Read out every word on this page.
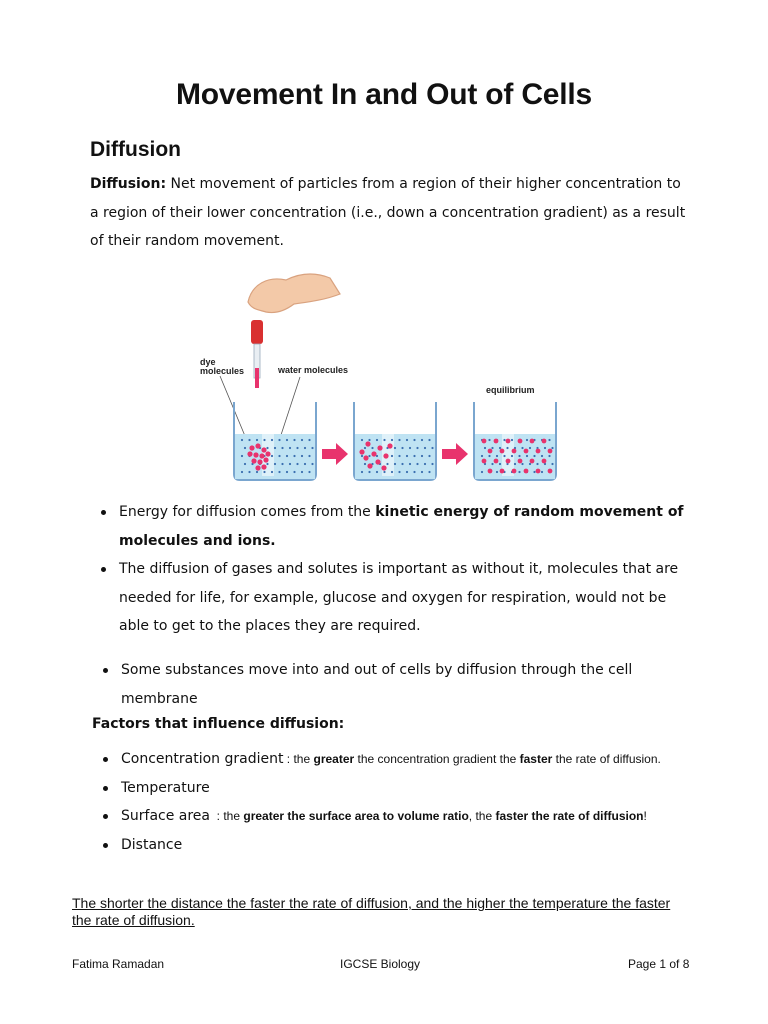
Movement In and Out of Cells
Diffusion
Diffusion: Net movement of particles from a region of their higher concentration to a region of their lower concentration (i.e., down a concentration gradient) as a result of their random movement.
dye
molecules	water molecules
equilibrium
Energy for diffusion comes from the kinetic energy of random movement of molecules and ions.
The diffusion of gases and solutes is important as without it, molecules that are needed for life, for example, glucose and oxygen for respiration, would not be able to get to the places they are required.
Some substances move into and out of cells by diffusion through the cell membrane
Factors that influence diffusion:
Concentration gradient : the greater the concentration gradient the faster the rate of diffusion.
Temperature
Surface area  : the greater the surface area to volume ratio, the faster the rate of diffusion!
Distance
The shorter the distance the faster the rate of diffusion, and the higher the temperature the faster the rate of diffusion.
Fatima Ramadan	IGCSE Biology	Page 1 of 8
